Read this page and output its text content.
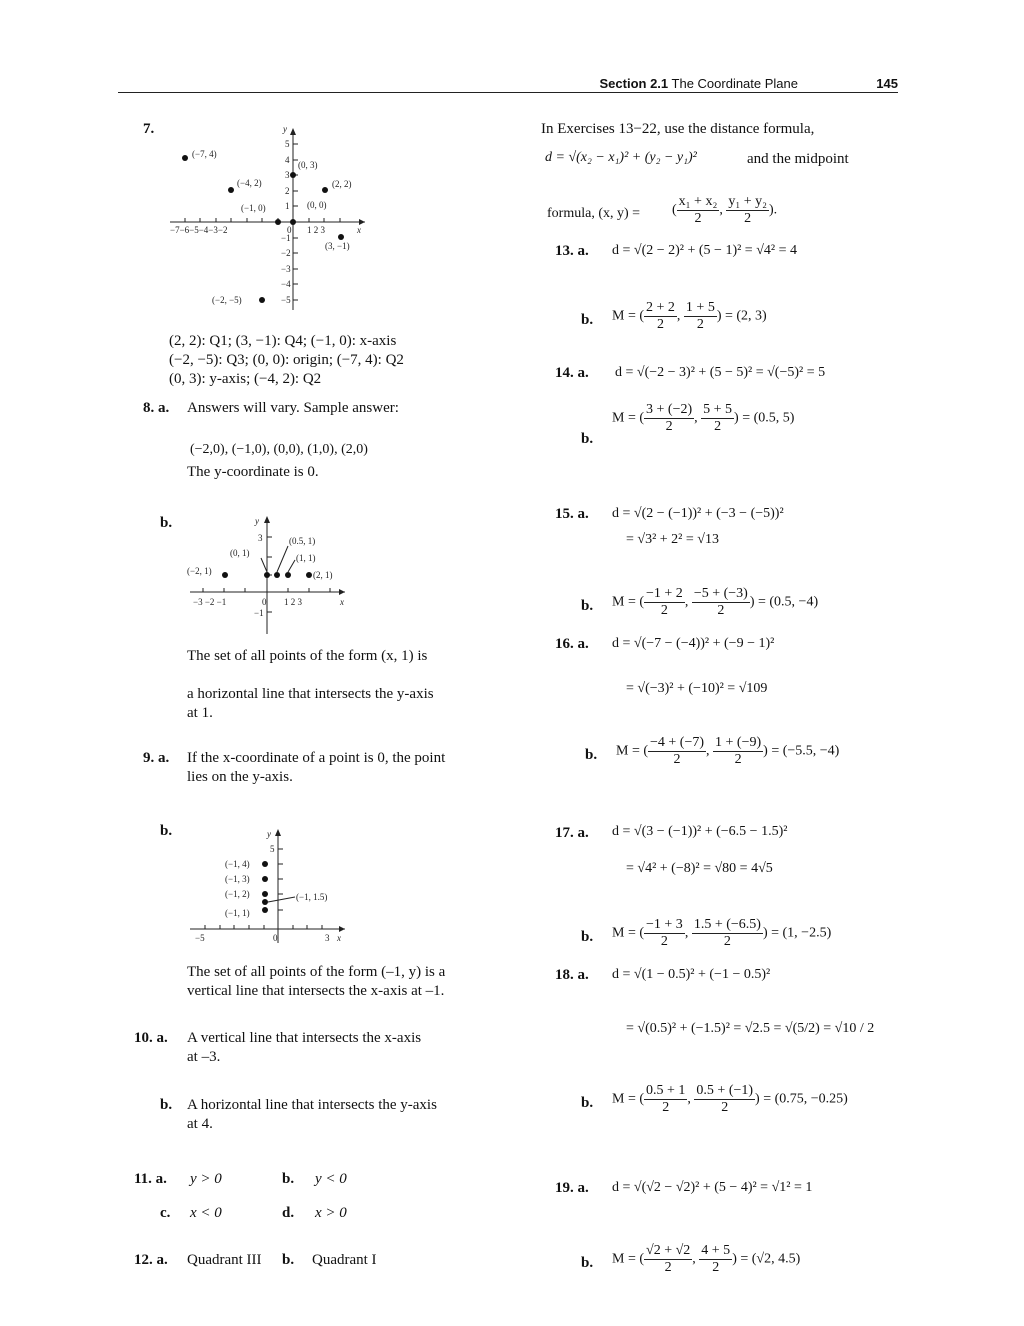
Section 2.1 The Coordinate Plane	145
7.
−7−6−5−4−3−2	1 2 3
0	x
y
5
4
3
2
1
−1
−2
−3
−4
−5
(−7, 4)
(0, 3)
(−4, 2)	(2, 2)
(−1, 0)	(0, 0)
(3, −1)
(−2, −5)
(2, 2): Q1; (3, −1): Q4; (−1, 0): x-axis
(−2, −5): Q3; (0, 0): origin; (−7, 4): Q2
(0, 3): y-axis; (−4, 2): Q2
8. a. Answers will vary. Sample answer:
(−2,0), (−1,0), (0,0), (1,0), (2,0)
The y-coordinate is 0.
b.
−3 −2 −1	0 1 2 3	x
y
3
−1
(0.5, 1)
(0, 1)	(1, 1)
(−2, 1)	(2, 1)
The set of all points of the form (x, 1) is
a horizontal line that intersects the y-axis
at 1.
9. a. If the x-coordinate of a point is 0, the point
lies on the y-axis.
b.
−5	0	3 x
y
5
(−1, 4)
(−1, 3)
(−1, 2)	(−1, 1.5)
(−1, 1)
The set of all points of the form (–1, y) is a
vertical line that intersects the x-axis at –1.
10. a. A vertical line that intersects the x-axis
at –3.
b. A horizontal line that intersects the y-axis
at 4.
11. a. y > 0	b. y < 0
c. x < 0	d. x > 0
12. a. Quadrant III b. Quadrant I
In Exercises 13−22, use the distance formula,
d = √(x₂ − x₁)² + (y₂ − y₁)²	and the midpoint
formula, (x, y) = ( $\frac{\text{x₁ + x₂}}{2}$ , $\frac{\text{y₁ + y₂}}{2}$ ).
13. a. d = √(2 − 2)² + (5 − 1)² = √4² = 4
b. M = ( $\frac{2 + 2}{2}$ , $\frac{1 + 5}{2}$ ) = (2, 3)
14. a. d = √(−2 − 3)² + (5 − 5)² = √(−5)² = 5
b.
M = ( $\frac{3 + (-2)}{2}$ , $\frac{5 + 5}{2}$ ) = (0.5, 5)
15. a. d = √(2 − (−1))² + (−3 − (−5))²
= √3² + 2² = √13
b. M = ( $\frac{-1 + 2}{2}$ , $\frac{-5 + (-3)}{2}$ ) = (0.5, −4)
16. a. d = √(−7 − (−4))² + (−9 − 1)²
= √(−3)² + (−10)² = √109
b. M = ( $\frac{-4 + (-7)}{2}$ , $\frac{1 + (-9)}{2}$ ) = (−5.5, −4)
17. a. d = √(3 − (−1))² + (−6.5 − 1.5)²
= √4² + (−8)² = √80 = 4√5
b. M = ( $\frac{-1 + 3}{2}$ , $\frac{1.5 + (-6.5)}{2}$ ) = (1, −2.5)
18. a. d = √(1 − 0.5)² + (−1 − 0.5)²
= √(0.5)² + (−1.5)² = √2.5 = √(5/2) = √10 / 2
b. M = ( $\frac{0.5 + 1}{2}$ , $\frac{0.5 + (-1)}{2}$ ) = (0.75, −0.25)
19. a. d = √(√2 − √2)² + (5 − 4)² = √1² = 1
b. M = ( $\frac{√2 + √2}{2}$ , $\frac{4 + 5}{2}$ ) = (√2, 4.5)
